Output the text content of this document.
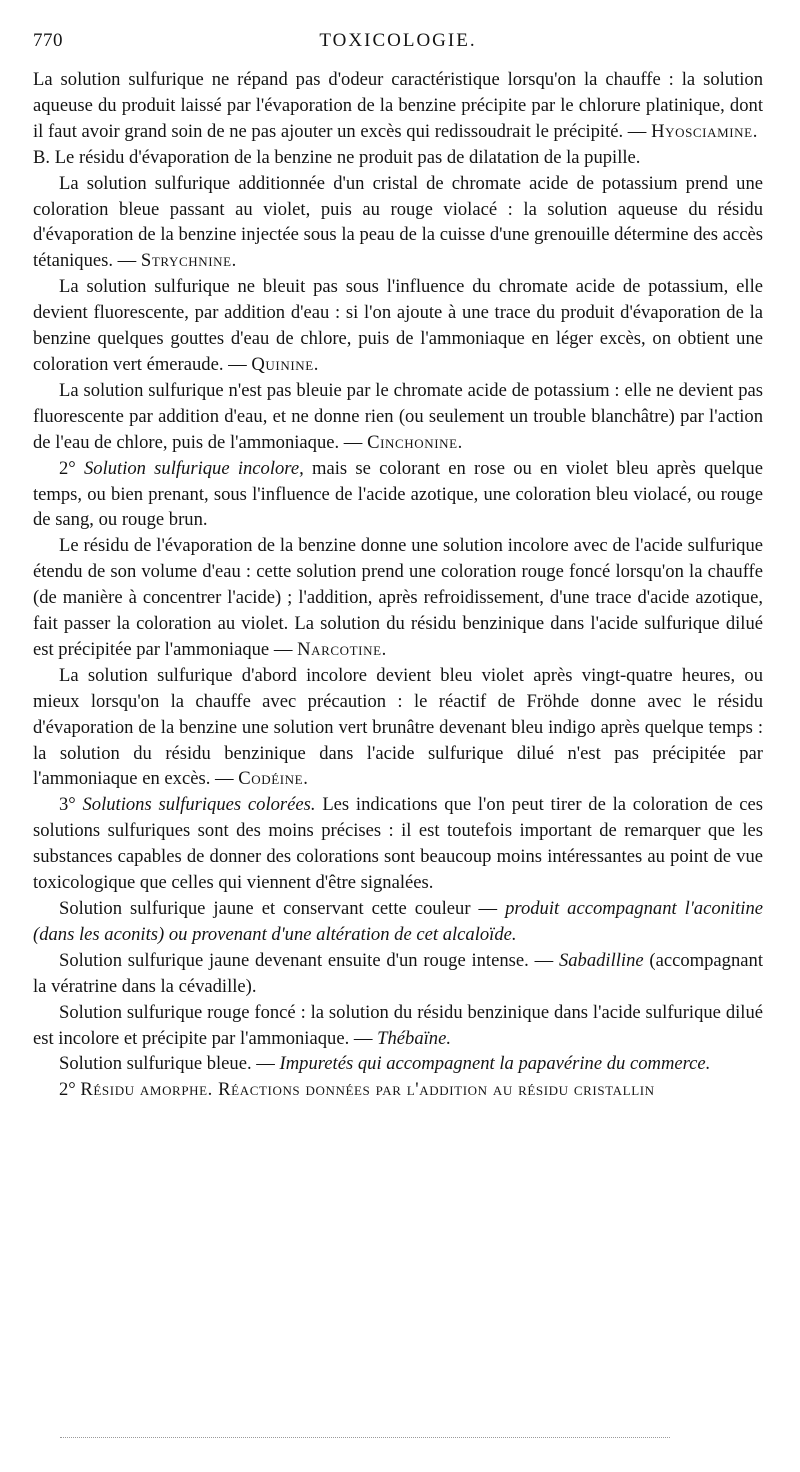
770	TOXICOLOGIE.

La solution sulfurique ne répand pas d'odeur caractéristique lorsqu'on la chauffe : la solution aqueuse du produit laissé par l'évaporation de la benzine précipite par le chlorure platinique, dont il faut avoir grand soin de ne pas ajouter un excès qui redissoudrait le précipité. — Hyosciamine.

B. Le résidu d'évaporation de la benzine ne produit pas de dilatation de la pupille.

La solution sulfurique additionnée d'un cristal de chromate acide de potassium prend une coloration bleue passant au violet, puis au rouge violacé : la solution aqueuse du résidu d'évaporation de la benzine injectée sous la peau de la cuisse d'une grenouille détermine des accès tétaniques. — Strychnine.

La solution sulfurique ne bleuit pas sous l'influence du chromate acide de potassium, elle devient fluorescente, par addition d'eau : si l'on ajoute à une trace du produit d'évaporation de la benzine quelques gouttes d'eau de chlore, puis de l'ammoniaque en léger excès, on obtient une coloration vert émeraude. — Quinine.

La solution sulfurique n'est pas bleuie par le chromate acide de potassium : elle ne devient pas fluorescente par addition d'eau, et ne donne rien (ou seulement un trouble blanchâtre) par l'action de l'eau de chlore, puis de l'ammoniaque. — Cinchonine.

2° Solution sulfurique incolore, mais se colorant en rose ou en violet bleu après quelque temps, ou bien prenant, sous l'influence de l'acide azotique, une coloration bleu violacé, ou rouge de sang, ou rouge brun.

Le résidu de l'évaporation de la benzine donne une solution incolore avec de l'acide sulfurique étendu de son volume d'eau : cette solution prend une coloration rouge foncé lorsqu'on la chauffe (de manière à concentrer l'acide) ; l'addition, après refroidissement, d'une trace d'acide azotique, fait passer la coloration au violet. La solution du résidu benzinique dans l'acide sulfurique dilué est précipitée par l'ammoniaque — Narcotine.

La solution sulfurique d'abord incolore devient bleu violet après vingt-quatre heures, ou mieux lorsqu'on la chauffe avec précaution : le réactif de Fröhde donne avec le résidu d'évaporation de la benzine une solution vert brunâtre devenant bleu indigo après quelque temps : la solution du résidu benzinique dans l'acide sulfurique dilué n'est pas précipitée par l'ammoniaque en excès. — Codéine.

3° Solutions sulfuriques colorées. Les indications que l'on peut tirer de la coloration de ces solutions sulfuriques sont des moins précises : il est toutefois important de remarquer que les substances capables de donner des colorations sont beaucoup moins intéressantes au point de vue toxicologique que celles qui viennent d'être signalées.

Solution sulfurique jaune et conservant cette couleur — produit accompagnant l'aconitine (dans les aconits) ou provenant d'une altération de cet alcaloïde.

Solution sulfurique jaune devenant ensuite d'un rouge intense. — Sabadilline (accompagnant la vératrine dans la cévadille).

Solution sulfurique rouge foncé : la solution du résidu benzinique dans l'acide sulfurique dilué est incolore et précipite par l'ammoniaque. — Thébaïne.

Solution sulfurique bleue. — Impuretés qui accompagnent la papavérine du commerce.

2° Résidu amorphe. Réactions données par l'addition au résidu cristallin
